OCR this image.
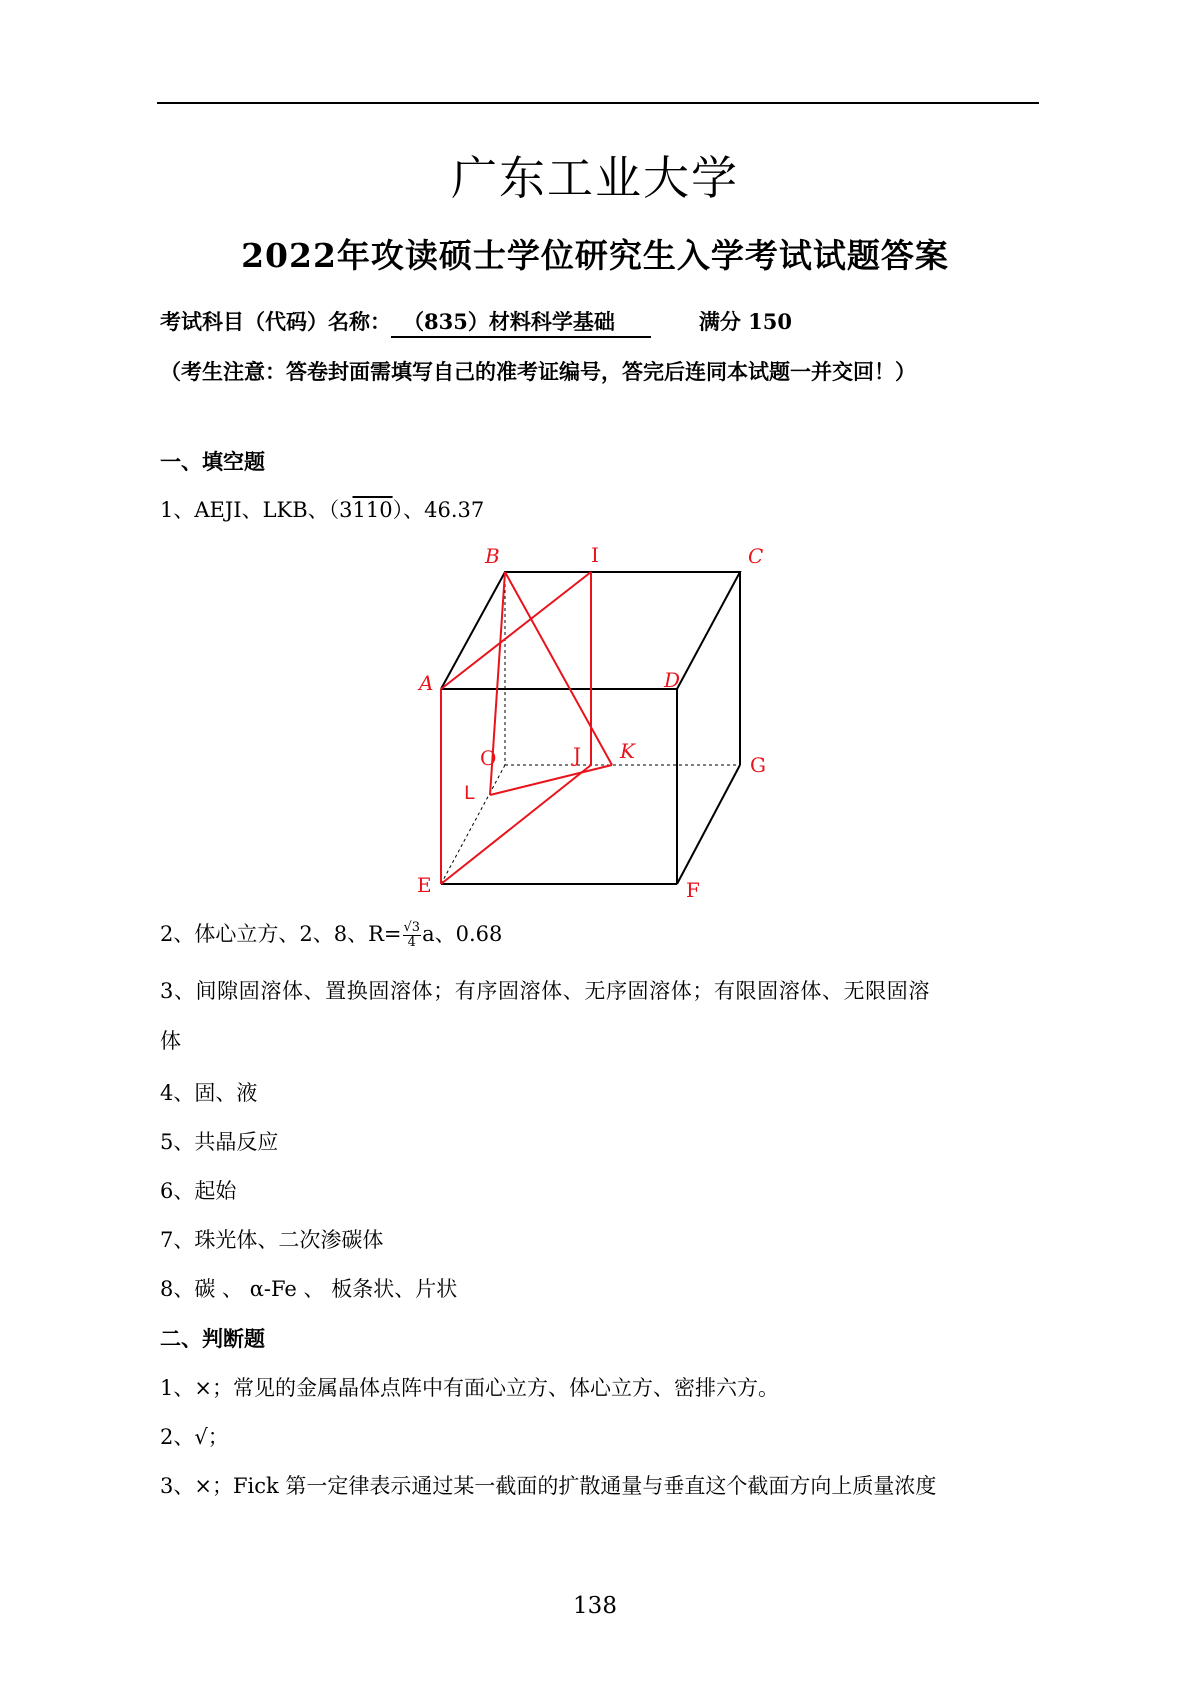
广东工业大学
2022年攻读硕士学位研究生入学考试试题答案
考试科目（代码）名称： （835）材料科学基础	满分 150
（考生注意：答卷封面需填写自己的准考证编号，答完后连同本试题一并交回！）
一、填空题
1、AEJI、LKB、（3110）、46.37
B	I	C
A	D
O	J K
G
L
E	F
2、体心立方、2、8、$R= \frac{√3}{4}$ a、0.68
3、间隙固溶体、置换固溶体；有序固溶体、无序固溶体；有限固溶体、无限固溶
体
4、固、液
5、共晶反应
6、起始
7、珠光体、二次渗碳体
8、碳 、 α-Fe 、 板条状、片状
二、判断题
1、×；常见的金属晶体点阵中有面心立方、体心立方、密排六方。
2、√；
3、×；Fick 第一定律表示通过某一截面的扩散通量与垂直这个截面方向上质量浓度
138
